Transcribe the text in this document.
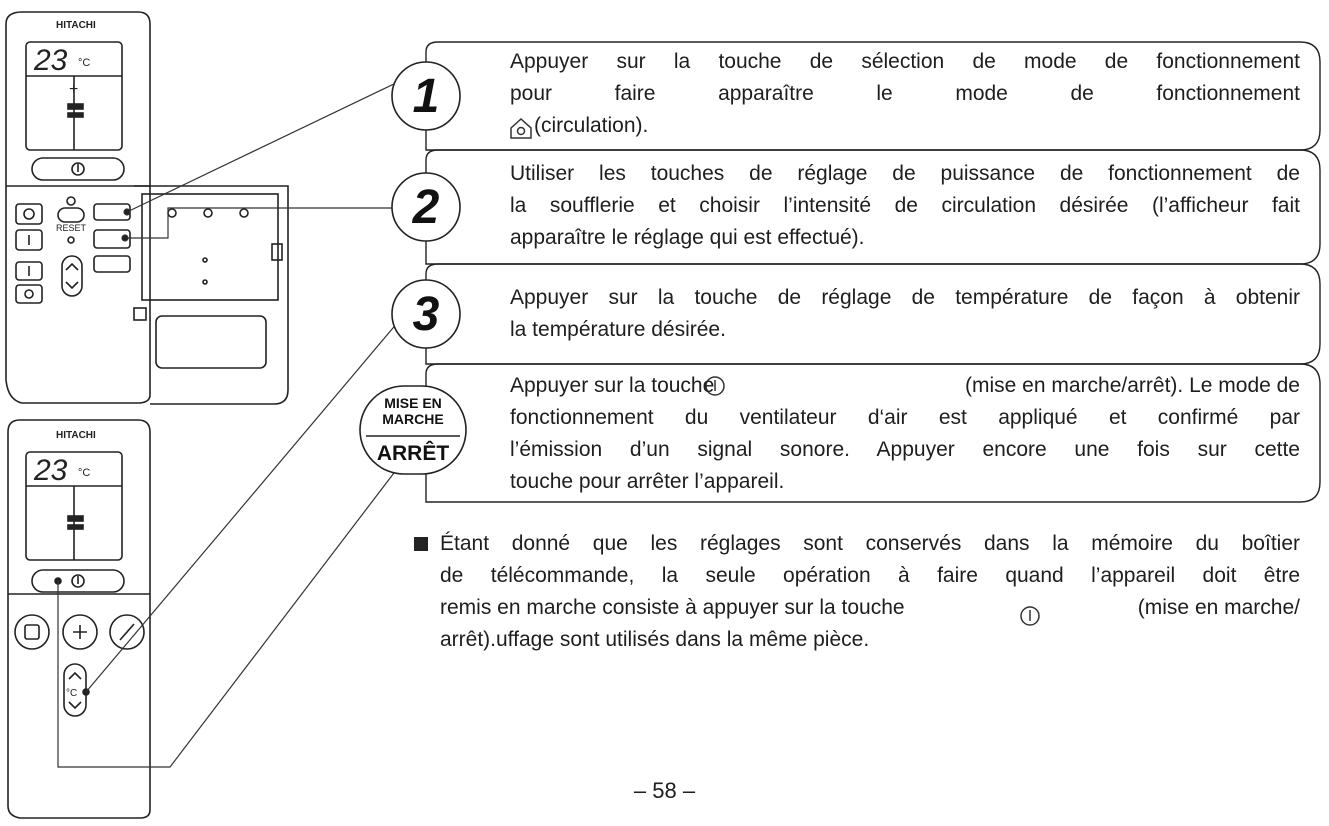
HITACHI
23 °C
+
RESET
HITACHI
23 °C
°C
1
2
3
MISE EN
MARCHE
ARRÊT
Appuyer sur la touche de sélection de mode de fonctionnement
pour faire apparaître le mode de fonctionnement
(circulation).
Utiliser les touches de réglage de puissance de fonctionnement de
la soufflerie et choisir l’intensité de circulation désirée (l’afficheur fait
apparaître le réglage qui est effectué).
Appuyer sur la touche de réglage de température de façon à obtenir
la température désirée.
Appuyer sur la touche	(mise en marche/arrêt). Le mode de
fonctionnement du ventilateur d‘air est appliqué et confirmé par
l’émission d’un signal sonore. Appuyer encore une fois sur cette
touche pour arrêter l’appareil.
Étant donné que les réglages sont conservés dans la mémoire du boîtier
de télécommande, la seule opération à faire quand l’appareil doit être
remis en marche consiste à appuyer sur la touche	(mise en marche/
arrêt).uffage sont utilisés dans la même pièce.
– 58 –
